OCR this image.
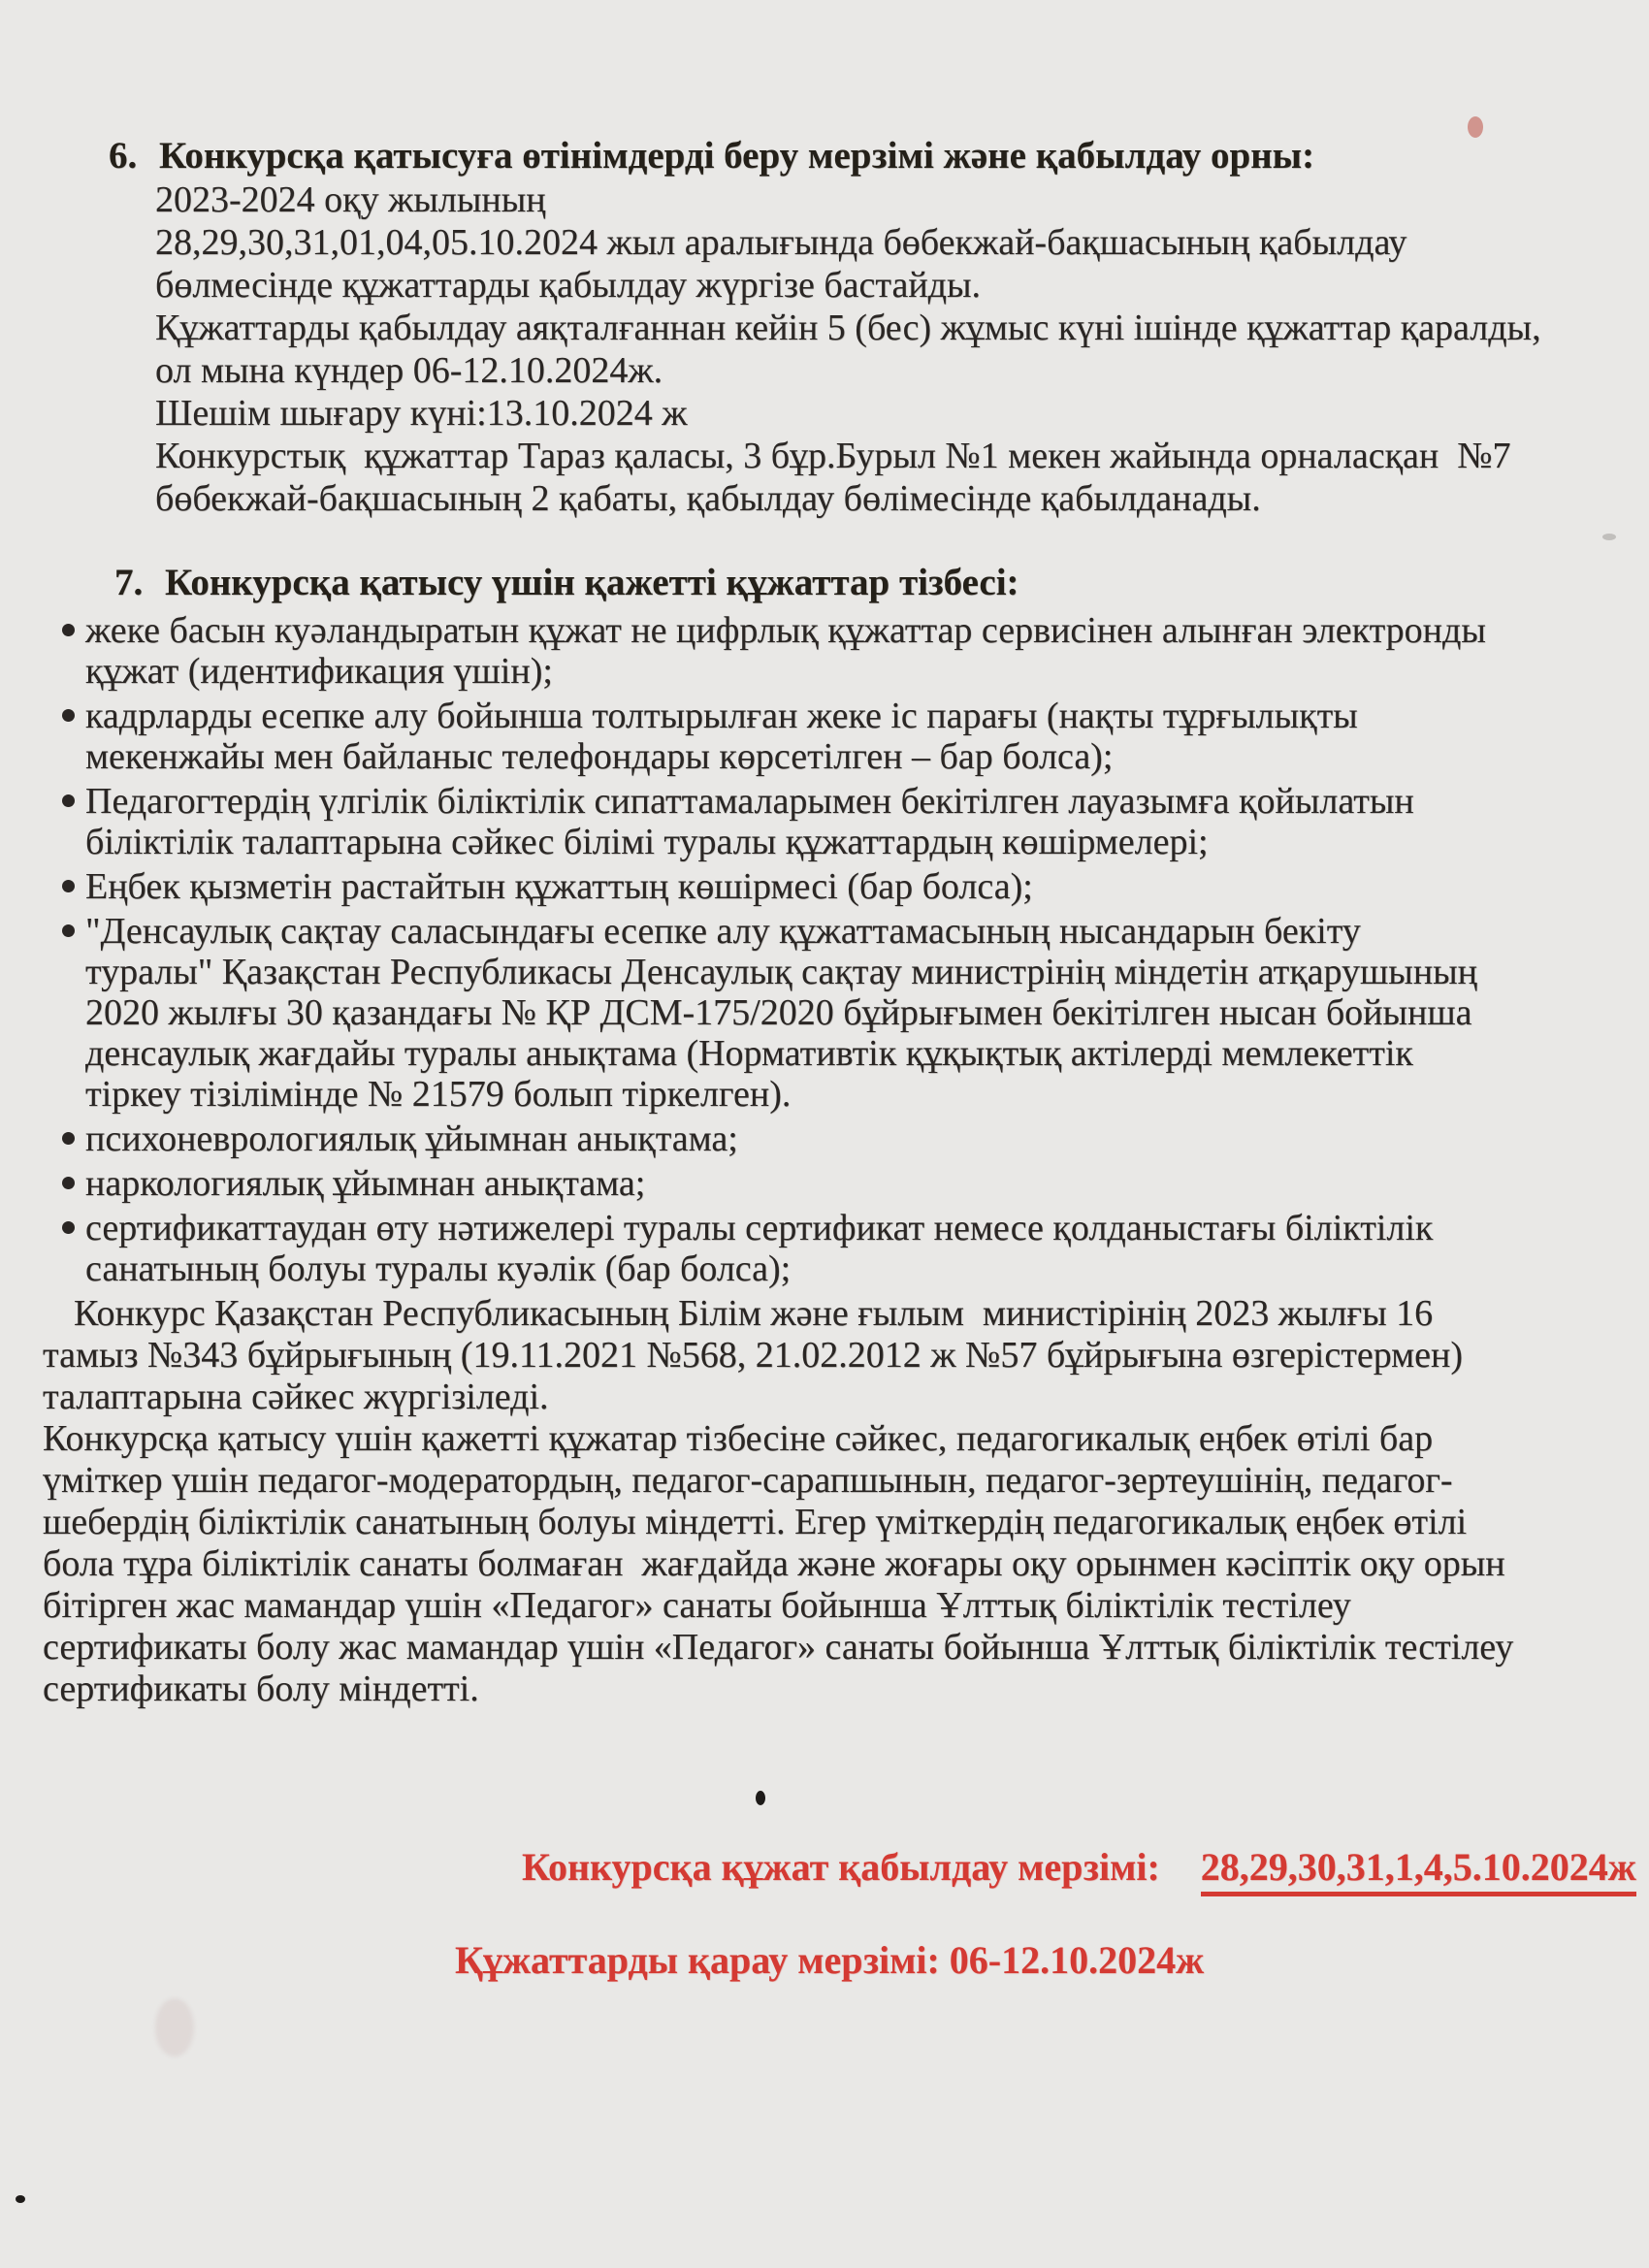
6. Конкурсқа қатысуға өтінімдерді беру мерзімі және қабылдау орны:
2023-2024 оқу жылының
28,29,30,31,01,04,05.10.2024 жыл аралығында бөбекжай-бақшасының қабылдау
бөлмесінде құжаттарды қабылдау жүргізе бастайды.
Құжаттарды қабылдау аяқталғаннан кейін 5 (бес) жұмыс күні ішінде құжаттар қаралды,
ол мына күндер 06-12.10.2024ж.
Шешім шығару күні:13.10.2024 ж
Конкурстық  құжаттар Тараз қаласы, 3 бұр.Бурыл №1 мекен жайында орналасқан  №7
бөбекжай-бақшасының 2 қабаты, қабылдау бөлімесінде қабылданады.
7. Конкурсқа қатысу үшін қажетті құжаттар тізбесі:
жеке басын куәландыратын құжат не цифрлық құжаттар сервисінен алынған электронды
құжат (идентификация үшін);
кадрларды есепке алу бойынша толтырылған жеке іс парағы (нақты тұрғылықты
мекенжайы мен байланыс телефондары көрсетілген – бар болса);
Педагогтердің үлгілік біліктілік сипаттамаларымен бекітілген лауазымға қойылатын
біліктілік талаптарына сәйкес білімі туралы құжаттардың көшірмелері;
Еңбек қызметін растайтын құжаттың көшірмесі (бар болса);
"Денсаулық сақтау саласындағы есепке алу құжаттамасының нысандарын бекіту
туралы" Қазақстан Республикасы Денсаулық сақтау министрінің міндетін атқарушының
2020 жылғы 30 қазандағы № ҚР ДСМ-175/2020 бұйрығымен бекітілген нысан бойынша
денсаулық жағдайы туралы анықтама (Нормативтік құқықтық актілерді мемлекеттік
тіркеу тізілімінде № 21579 болып тіркелген).
психоневрологиялық ұйымнан анықтама;
наркологиялық ұйымнан анықтама;
сертификаттаудан өту нәтижелері туралы сертификат немесе қолданыстағы біліктілік
санатының болуы туралы куәлік (бар болса);
Конкурс Қазақстан Республикасының Білім және ғылым  министірінің 2023 жылғы 16
тамыз №343 бұйрығының (19.11.2021 №568, 21.02.2012 ж №57 бұйрығына өзгерістермен)
талаптарына сәйкес жүргізіледі.
Конкурсқа қатысу үшін қажетті құжатар тізбесіне сәйкес, педагогикалық еңбек өтілі бар
үміткер үшін педагог-модератордың, педагог-сарапшынын, педагог-зертеушінің, педагог-
шебердің біліктілік санатының болуы міндетті. Егер үміткердің педагогикалық еңбек өтілі
бола тұра біліктілік санаты болмаған  жағдайда және жоғары оқу орынмен кәсіптік оқу орын
бітірген жас мамандар үшін «Педагог» санаты бойынша Ұлттық біліктілік тестілеу
сертификаты болу жас мамандар үшін «Педагог» санаты бойынша Ұлттық біліктілік тестілеу
сертификаты болу міндетті.

Конкурсқа құжат қабылдау мерзімі: 28,29,30,31,1,4,5.10.2024ж

Құжаттарды қарау мерзімі: 06-12.10.2024ж
